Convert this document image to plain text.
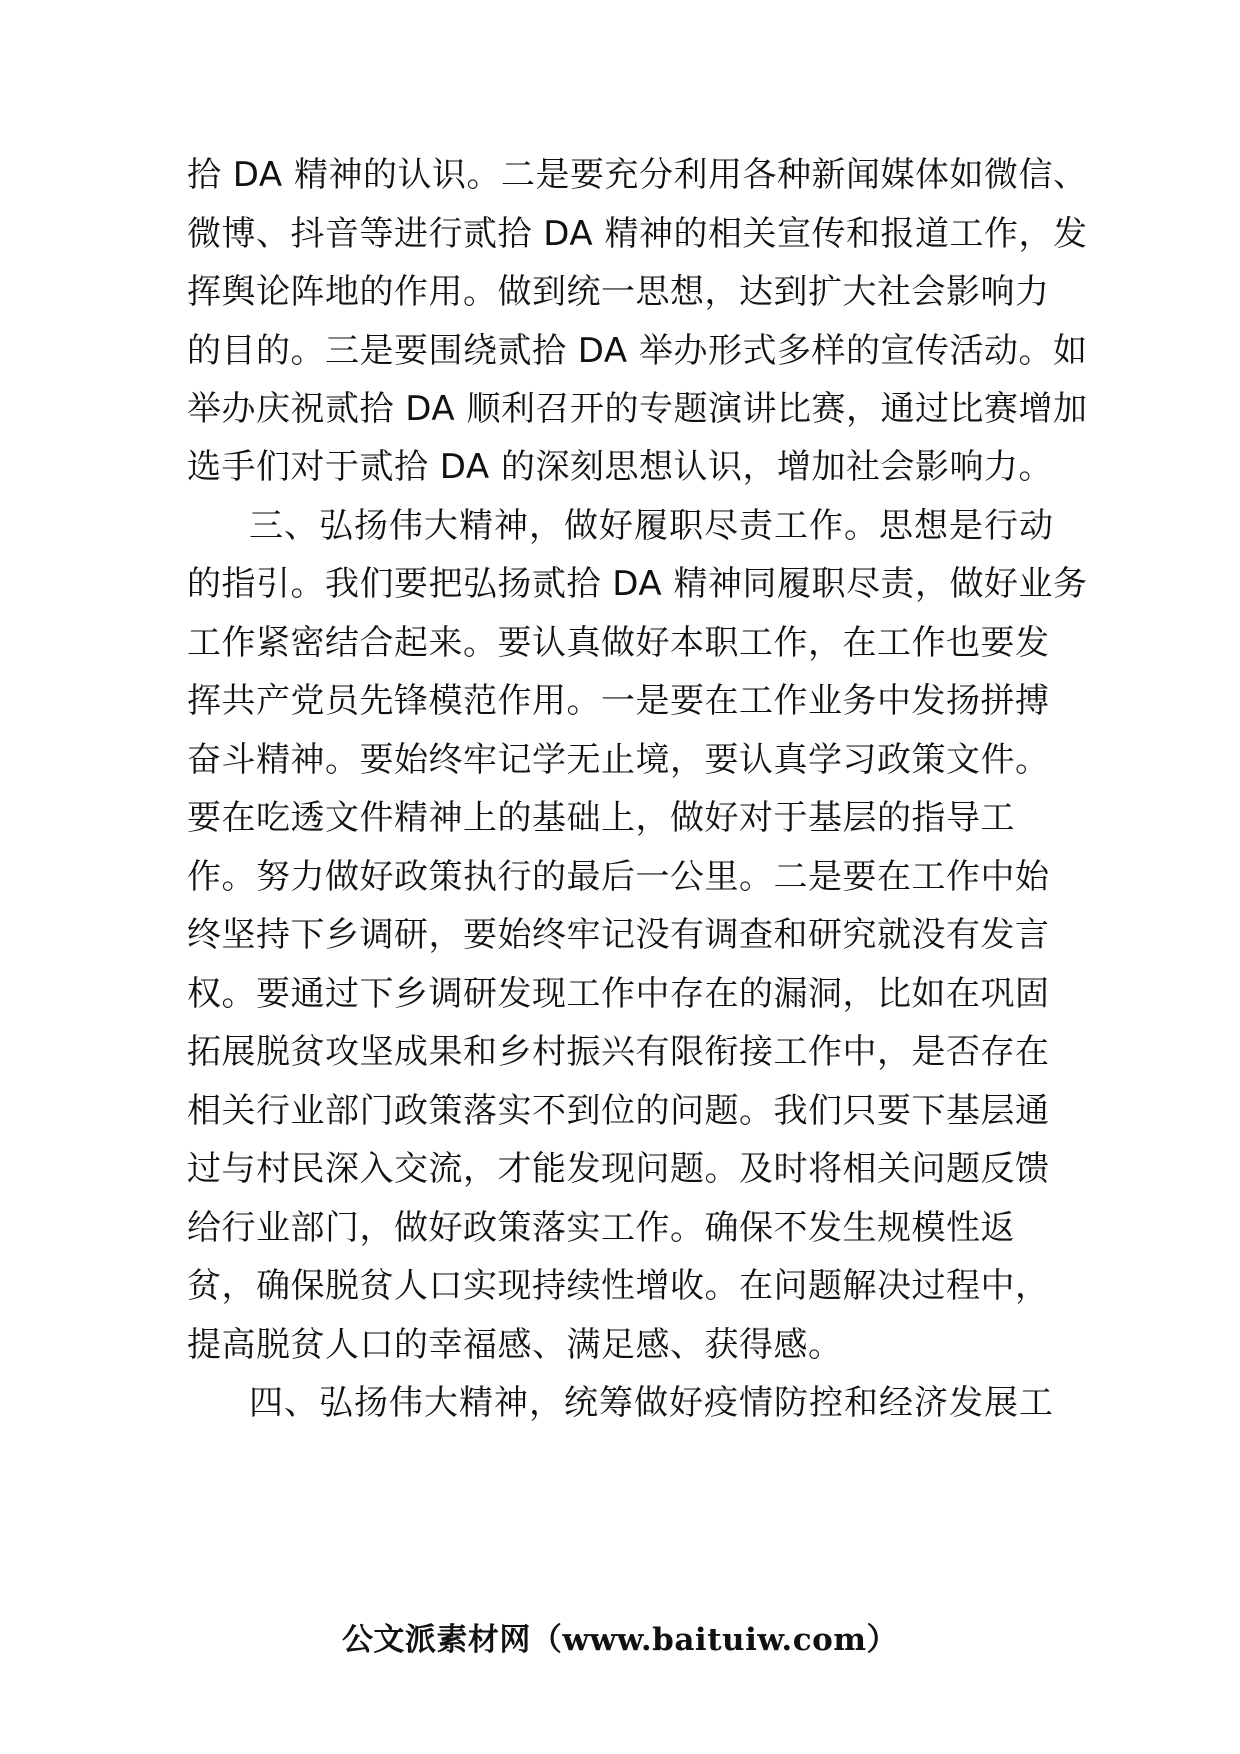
拾 DA 精神的认识。二是要充分利用各种新闻媒体如微信、
微博、抖音等进行贰拾 DA 精神的相关宣传和报道工作，发
挥舆论阵地的作用。做到统一思想，达到扩大社会影响力
的目的。三是要围绕贰拾 DA 举办形式多样的宣传活动。如
举办庆祝贰拾 DA 顺利召开的专题演讲比赛，通过比赛增加
选手们对于贰拾 DA 的深刻思想认识，增加社会影响力。
三、弘扬伟大精神，做好履职尽责工作。思想是行动
的指引。我们要把弘扬贰拾 DA 精神同履职尽责，做好业务
工作紧密结合起来。要认真做好本职工作，在工作也要发
挥共产党员先锋模范作用。一是要在工作业务中发扬拼搏
奋斗精神。要始终牢记学无止境，要认真学习政策文件。
要在吃透文件精神上的基础上，做好对于基层的指导工
作。努力做好政策执行的最后一公里。二是要在工作中始
终坚持下乡调研，要始终牢记没有调查和研究就没有发言
权。要通过下乡调研发现工作中存在的漏洞，比如在巩固
拓展脱贫攻坚成果和乡村振兴有限衔接工作中，是否存在
相关行业部门政策落实不到位的问题。我们只要下基层通
过与村民深入交流，才能发现问题。及时将相关问题反馈
给行业部门，做好政策落实工作。确保不发生规模性返
贫，确保脱贫人口实现持续性增收。在问题解决过程中，
提高脱贫人口的幸福感、满足感、获得感。
四、弘扬伟大精神，统筹做好疫情防控和经济发展工
公文派素材网（www.baituiw.com）
